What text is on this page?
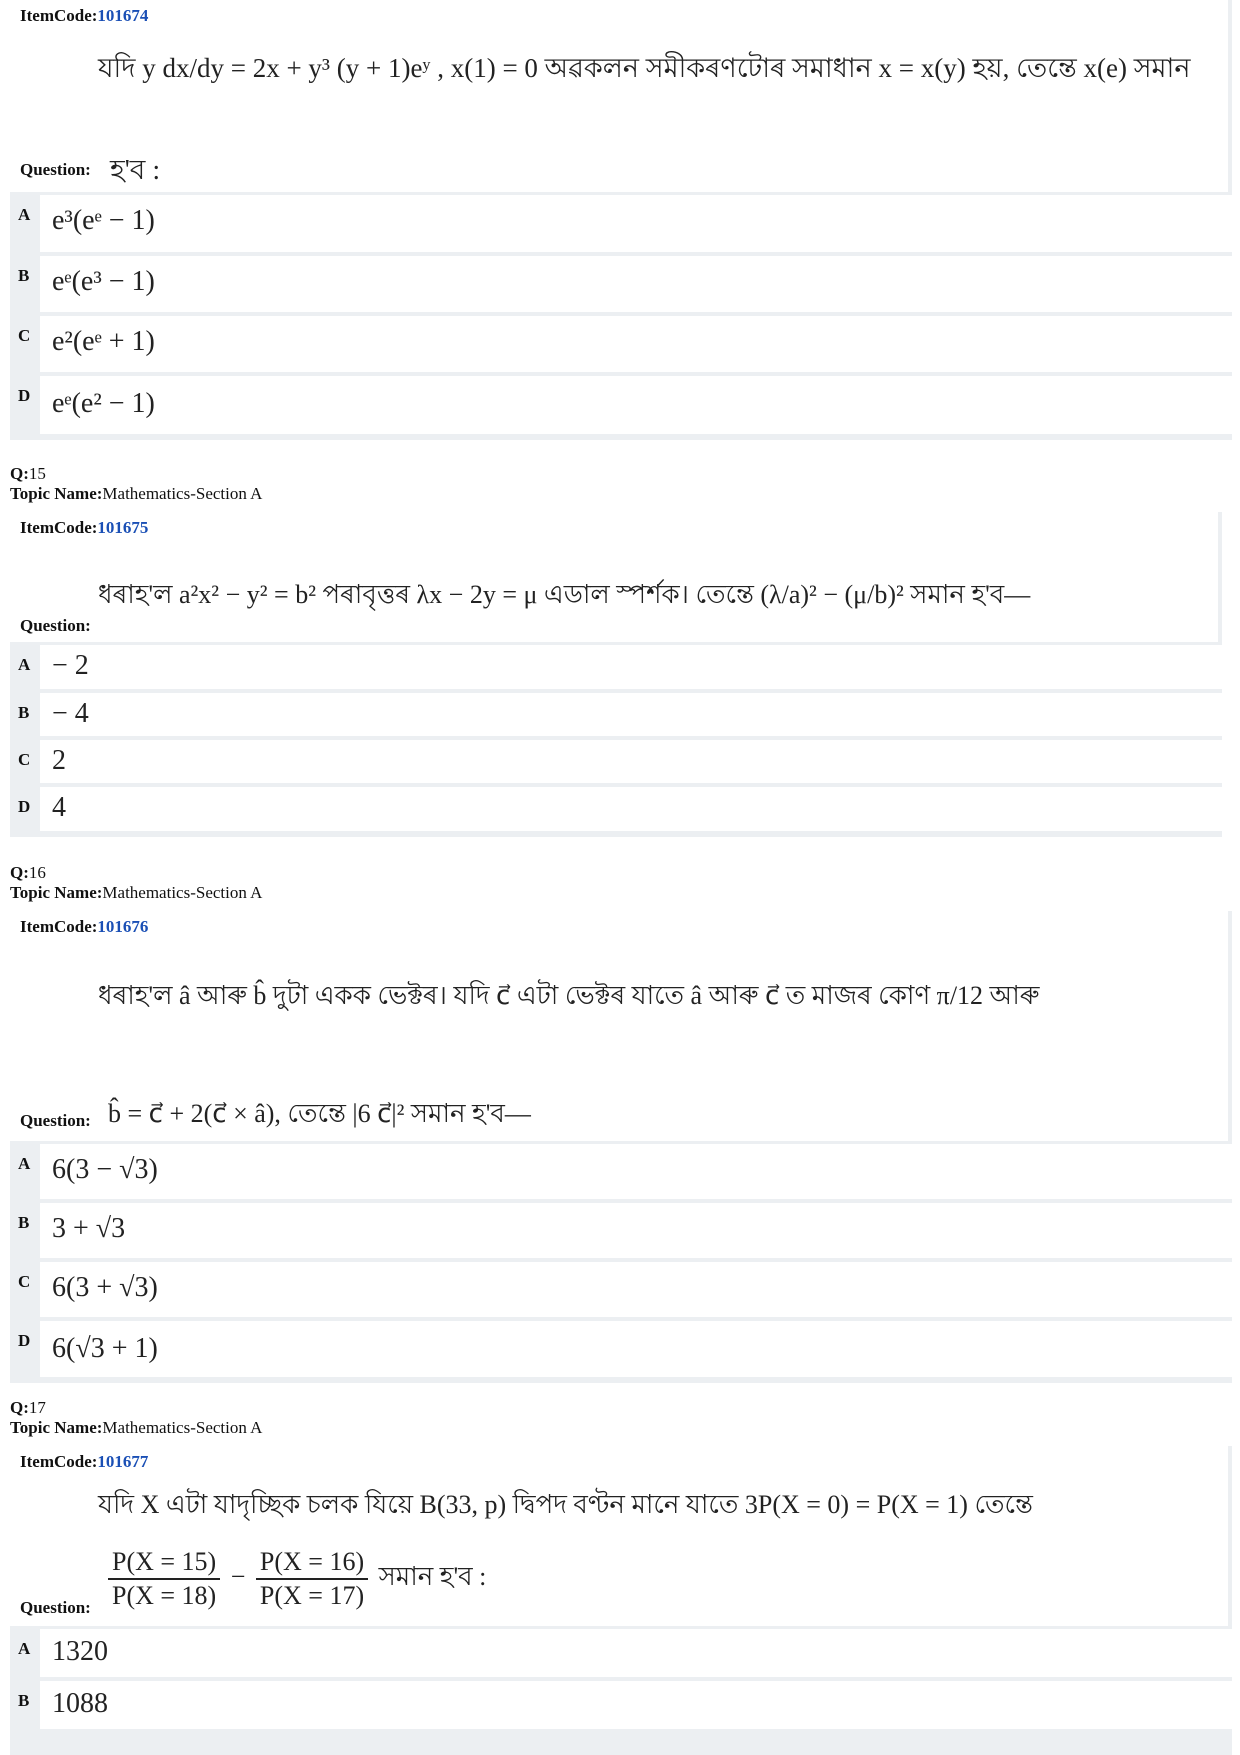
ItemCode:101674
যদি y dx/dy = 2x + y³ (y + 1)eʸ , x(1) = 0 অৱকলন সমীকৰণটোৰ সমাধান x = x(y) হয়, তেন্তে x(e) সমান
Question: হ'ব :
A e³(eᵉ − 1)
B eᵉ(e³ − 1)
C e²(eᵉ + 1)
D eᵉ(e² − 1)
Q:15
Topic Name:Mathematics-Section A
ItemCode:101675
ধৰাহ'ল a²x² − y² = b² পৰাবৃত্তৰ λx − 2y = μ এডাল স্পৰ্শক। তেন্তে (λ/a)² − (μ/b)² সমান হ'ব—
Question:
A − 2
B − 4
C 2
D 4
Q:16
Topic Name:Mathematics-Section A
ItemCode:101676
ধৰাহ'ল â আৰু b̂ দুটা একক ভেক্টৰ। যদি c⃗ এটা ভেক্টৰ যাতে â আৰু c⃗ ত মাজৰ কোণ π/12 আৰু
Question: b̂ = c⃗ + 2(c⃗ × â), তেন্তে |6 c⃗|² সমান হ'ব—
A 6(3 − √3)
B 3 + √3
C 6(3 + √3)
D 6(√3 + 1)
Q:17
Topic Name:Mathematics-Section A
ItemCode:101677
যদি X এটা যাদৃচ্ছিক চলক যিয়ে B(33, p) দ্বিপদ বণ্টন মানে যাতে 3P(X = 0) = P(X = 1) তেন্তে
$\frac{P(X = 15)}{P(X = 18)} - \frac{P(X = 16)}{P(X = 17)}$ সমান হ'ব :
Question:
A 1320
B 1088
